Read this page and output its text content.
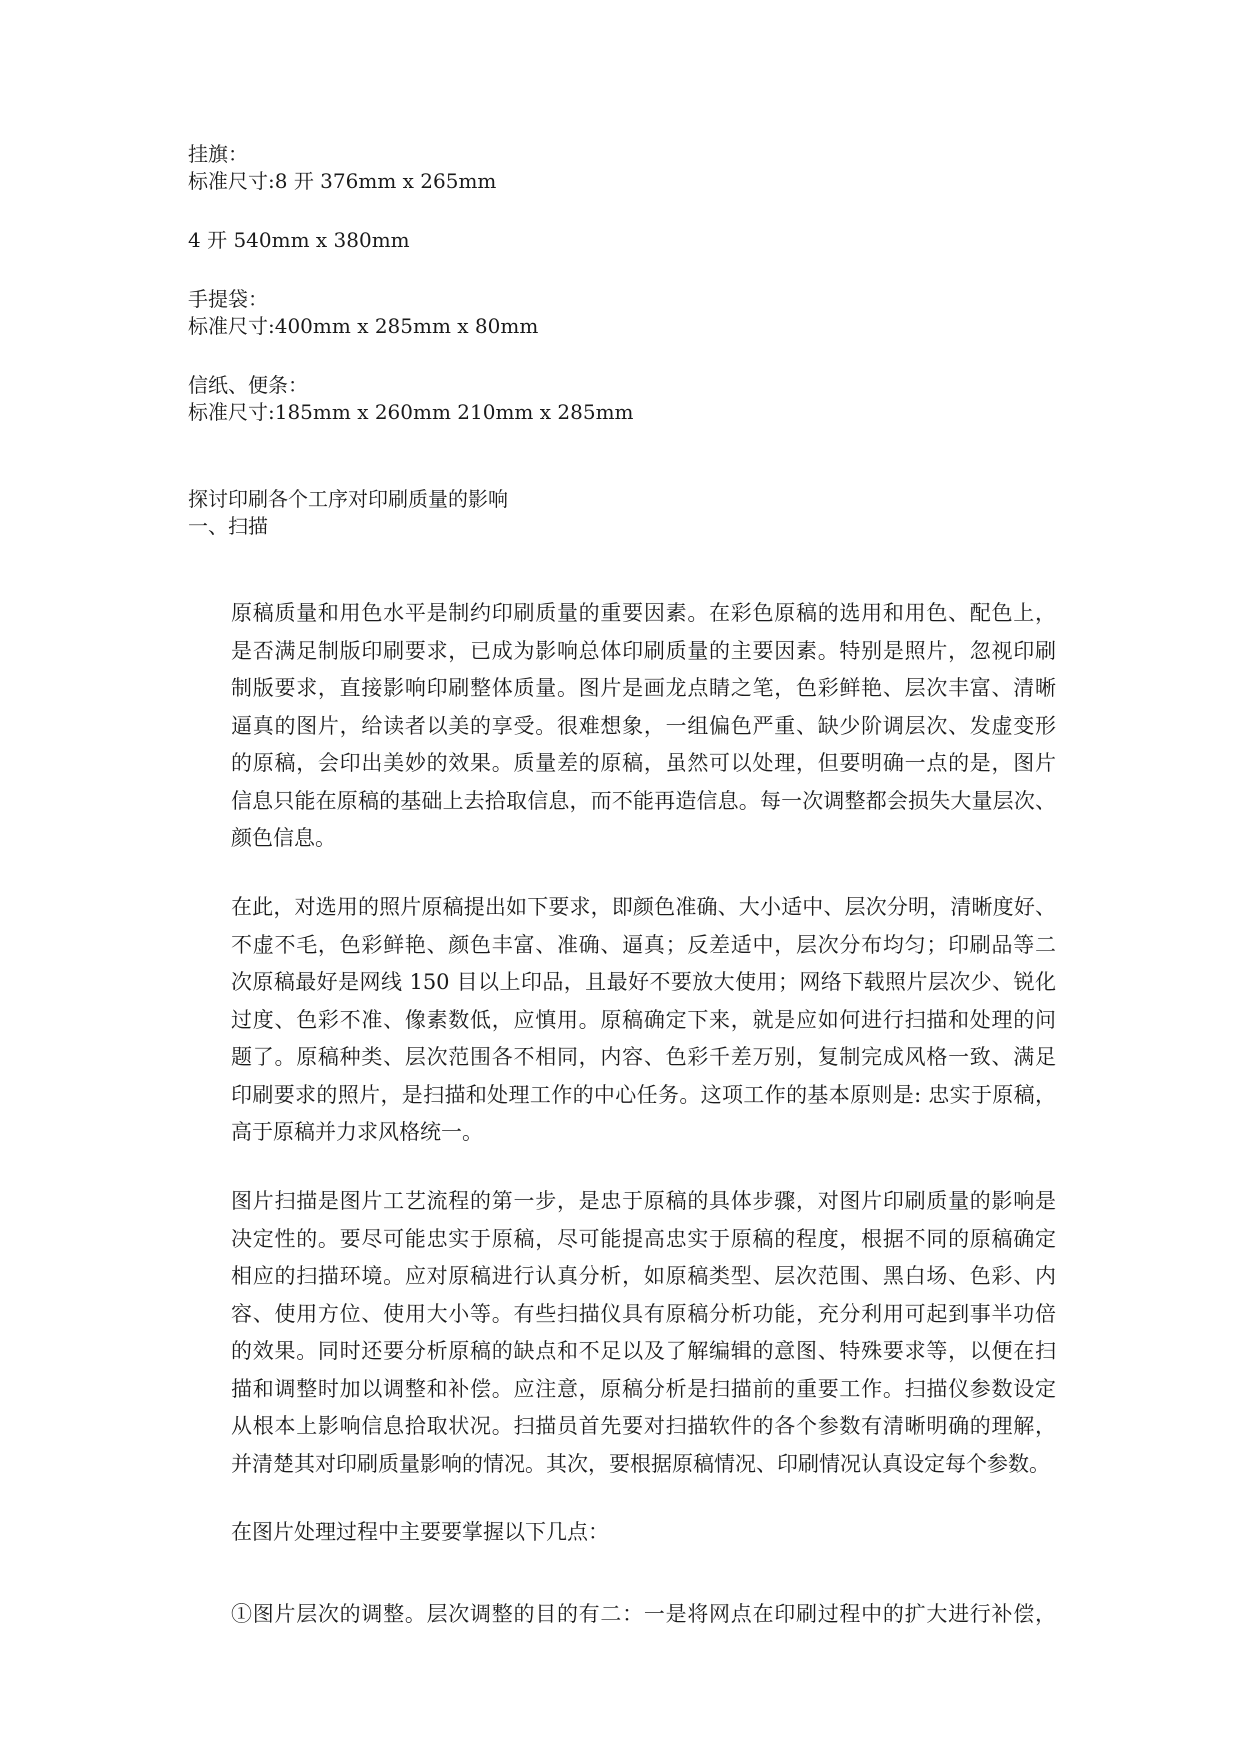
挂旗：
标准尺寸:8 开 376mm x 265mm
4 开 540mm x 380mm
手提袋：
标准尺寸:400mm x 285mm x 80mm
信纸、便条：
标准尺寸:185mm x 260mm 210mm x 285mm
探讨印刷各个工序对印刷质量的影响
一、扫描
原稿质量和用色水平是制约印刷质量的重要因素。在彩色原稿的选用和用色、配色上，
是否满足制版印刷要求，已成为影响总体印刷质量的主要因素。特别是照片，忽视印刷
制版要求，直接影响印刷整体质量。图片是画龙点睛之笔，色彩鲜艳、层次丰富、清晰
逼真的图片，给读者以美的享受。很难想象，一组偏色严重、缺少阶调层次、发虚变形
的原稿，会印出美妙的效果。质量差的原稿，虽然可以处理，但要明确一点的是，图片
信息只能在原稿的基础上去拾取信息，而不能再造信息。每一次调整都会损失大量层次、
颜色信息。
在此，对选用的照片原稿提出如下要求，即颜色准确、大小适中、层次分明，清晰度好、
不虚不毛，色彩鲜艳、颜色丰富、准确、逼真；反差适中，层次分布均匀；印刷品等二
次原稿最好是网线 150 目以上印品，且最好不要放大使用；网络下载照片层次少、锐化
过度、色彩不准、像素数低，应慎用。原稿确定下来，就是应如何进行扫描和处理的问
题了。原稿种类、层次范围各不相同，内容、色彩千差万别，复制完成风格一致、满足
印刷要求的照片，是扫描和处理工作的中心任务。这项工作的基本原则是: 忠实于原稿，
高于原稿并力求风格统一。
图片扫描是图片工艺流程的第一步，是忠于原稿的具体步骤，对图片印刷质量的影响是
决定性的。要尽可能忠实于原稿，尽可能提高忠实于原稿的程度，根据不同的原稿确定
相应的扫描环境。应对原稿进行认真分析，如原稿类型、层次范围、黑白场、色彩、内
容、使用方位、使用大小等。有些扫描仪具有原稿分析功能，充分利用可起到事半功倍
的效果。同时还要分析原稿的缺点和不足以及了解编辑的意图、特殊要求等，以便在扫
描和调整时加以调整和补偿。应注意，原稿分析是扫描前的重要工作。扫描仪参数设定
从根本上影响信息拾取状况。扫描员首先要对扫描软件的各个参数有清晰明确的理解，
并清楚其对印刷质量影响的情况。其次，要根据原稿情况、印刷情况认真设定每个参数。
在图片处理过程中主要要掌握以下几点：
①图片层次的调整。层次调整的目的有二：一是将网点在印刷过程中的扩大进行补偿，
